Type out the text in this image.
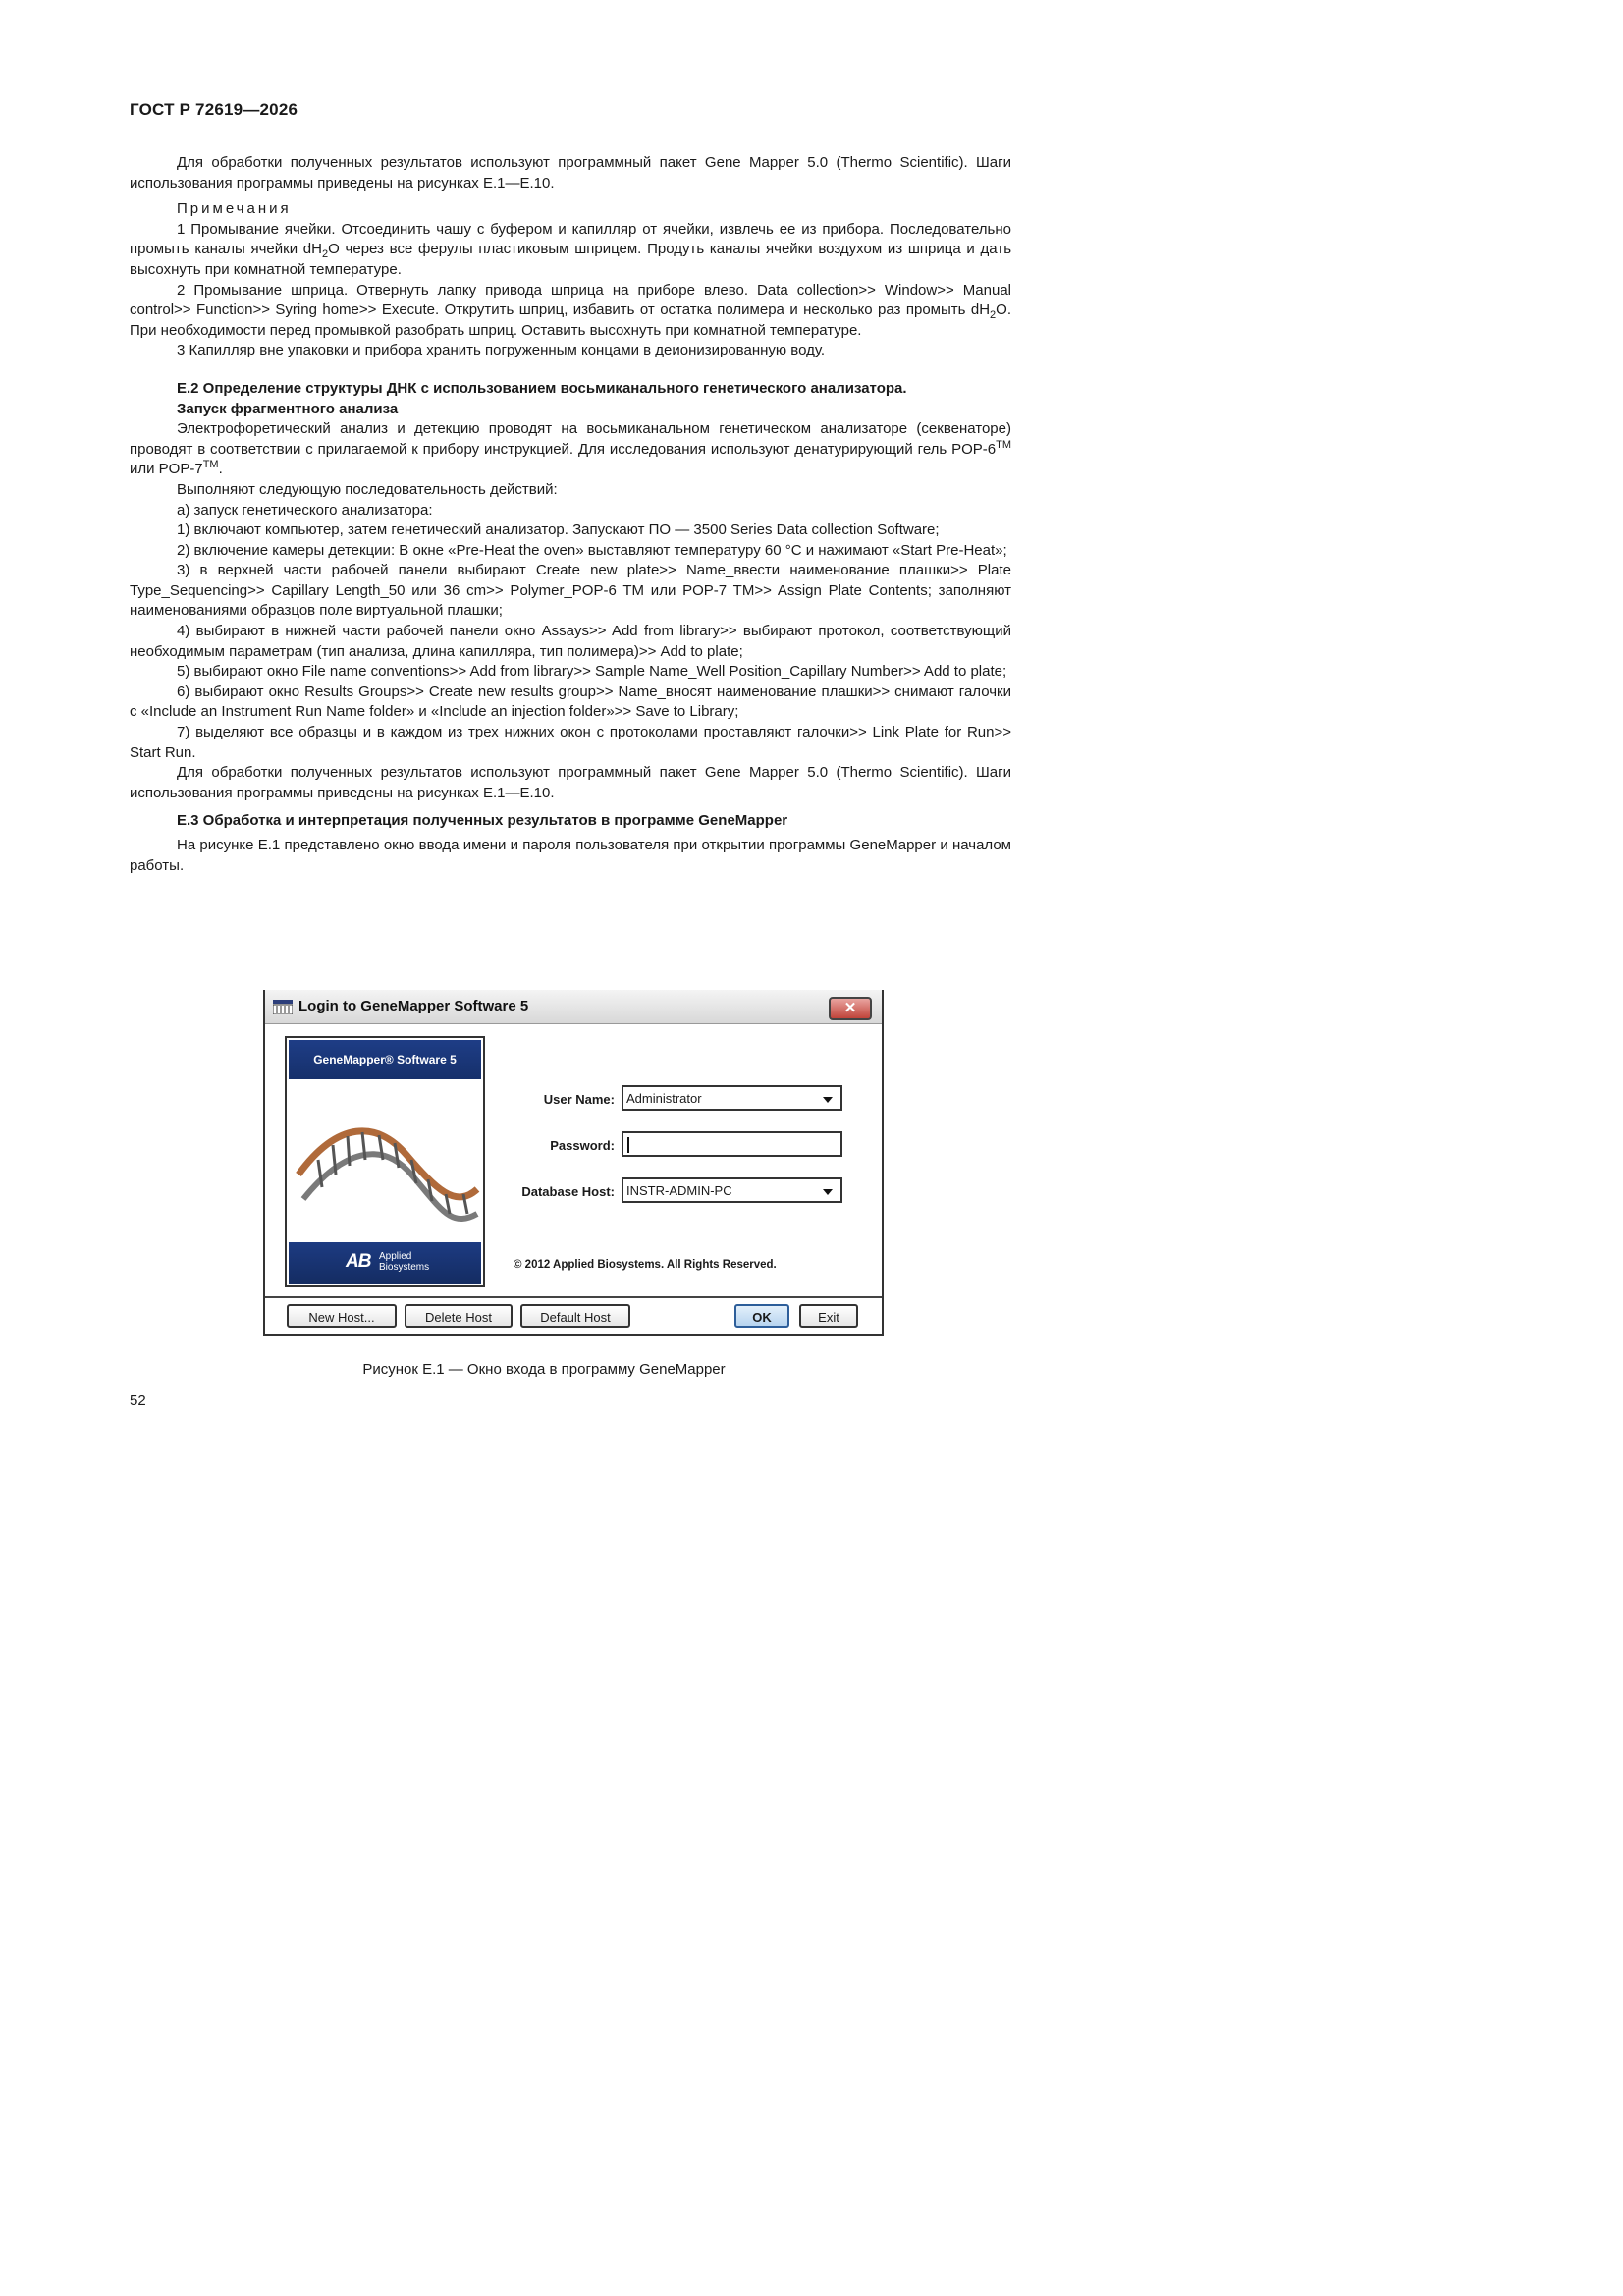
ГОСТ Р 72619—2026

Для обработки полученных результатов используют программный пакет Gene Mapper 5.0 (Thermo Scientific). Шаги использования программы приведены на рисунках Е.1—Е.10.

Примечания

1 Промывание ячейки. Отсоединить чашу с буфером и капилляр от ячейки, извлечь ее из прибора. Последовательно промыть каналы ячейки $dH_2O$ через все ферулы пластиковым шприцем. Продуть каналы ячейки воздухом из шприца и дать высохнуть при комнатной температуре.

2 Промывание шприца. Отвернуть лапку привода шприца на приборе влево. Data collection>> Window>> Manual control>> Function>> Syring home>> Execute. Открутить шприц, избавить от остатка полимера и несколько раз промыть $dH_2O$. При необходимости перед промывкой разобрать шприц. Оставить высохнуть при комнатной температуре.

3 Капилляр вне упаковки и прибора хранить погруженным концами в деионизированную воду.

Е.2 Определение структуры ДНК с использованием восьмиканального генетического анализатора.

Запуск фрагментного анализа

Электрофоретический анализ и детекцию проводят на восьмиканальном генетическом анализаторе (секвенаторе) проводят в соответствии с прилагаемой к прибору инструкцией. Для исследования используют денатурирующий гель POP-6™ или POP-7™.

Выполняют следующую последовательность действий:

а) запуск генетического анализатора:

1) включают компьютер, затем генетический анализатор. Запускают ПО — 3500 Series Data collection Software;

2) включение камеры детекции: В окне «Pre-Heat the oven» выставляют температуру 60 °С и нажимают «Start Pre-Heat»;

3) в верхней части рабочей панели выбирают Create new plate>> Name_ввести наименование плашки>> Plate Type_Sequencing>> Capillary Length_50 или 36 cm>> Polymer_POP-6 TM или POP-7 TM>> Assign Plate Contents; заполняют наименованиями образцов поле виртуальной плашки;

4) выбирают в нижней части рабочей панели окно Assays>> Add from library>> выбирают протокол, соответствующий необходимым параметрам (тип анализа, длина капилляра, тип полимера)>> Add to plate;

5) выбирают окно File name conventions>> Add from library>> Sample Name_Well Position_Capillary Number>> Add to plate;

6) выбирают окно Results Groups>> Create new results group>> Name_вносят наименование плашки>> снимают галочки с «Include an Instrument Run Name folder» и «Include an injection folder»>> Save to Library;

7) выделяют все образцы и в каждом из трех нижних окон с протоколами проставляют галочки>> Link Plate for Run>> Start Run.

Для обработки полученных результатов используют программный пакет Gene Mapper 5.0 (Thermo Scientific). Шаги использования программы приведены на рисунках Е.1—Е.10.

Е.3 Обработка и интерпретация полученных результатов в программе GeneMapper

На рисунке Е.1 представлено окно ввода имени и пароля пользователя при открытии программы GeneMapper и началом работы.

Login to GeneMapper Software 5	✕
GeneMapper® Software 5
AB Applied
Biosystems
User Name: Administrator
Password:
Database Host: INSTR-ADMIN-PC
© 2012 Applied Biosystems. All Rights Reserved.
New Host...	Delete Host	Default Host	OK	Exit
Рисунок Е.1 — Окно входа в программу GeneMapper
52
